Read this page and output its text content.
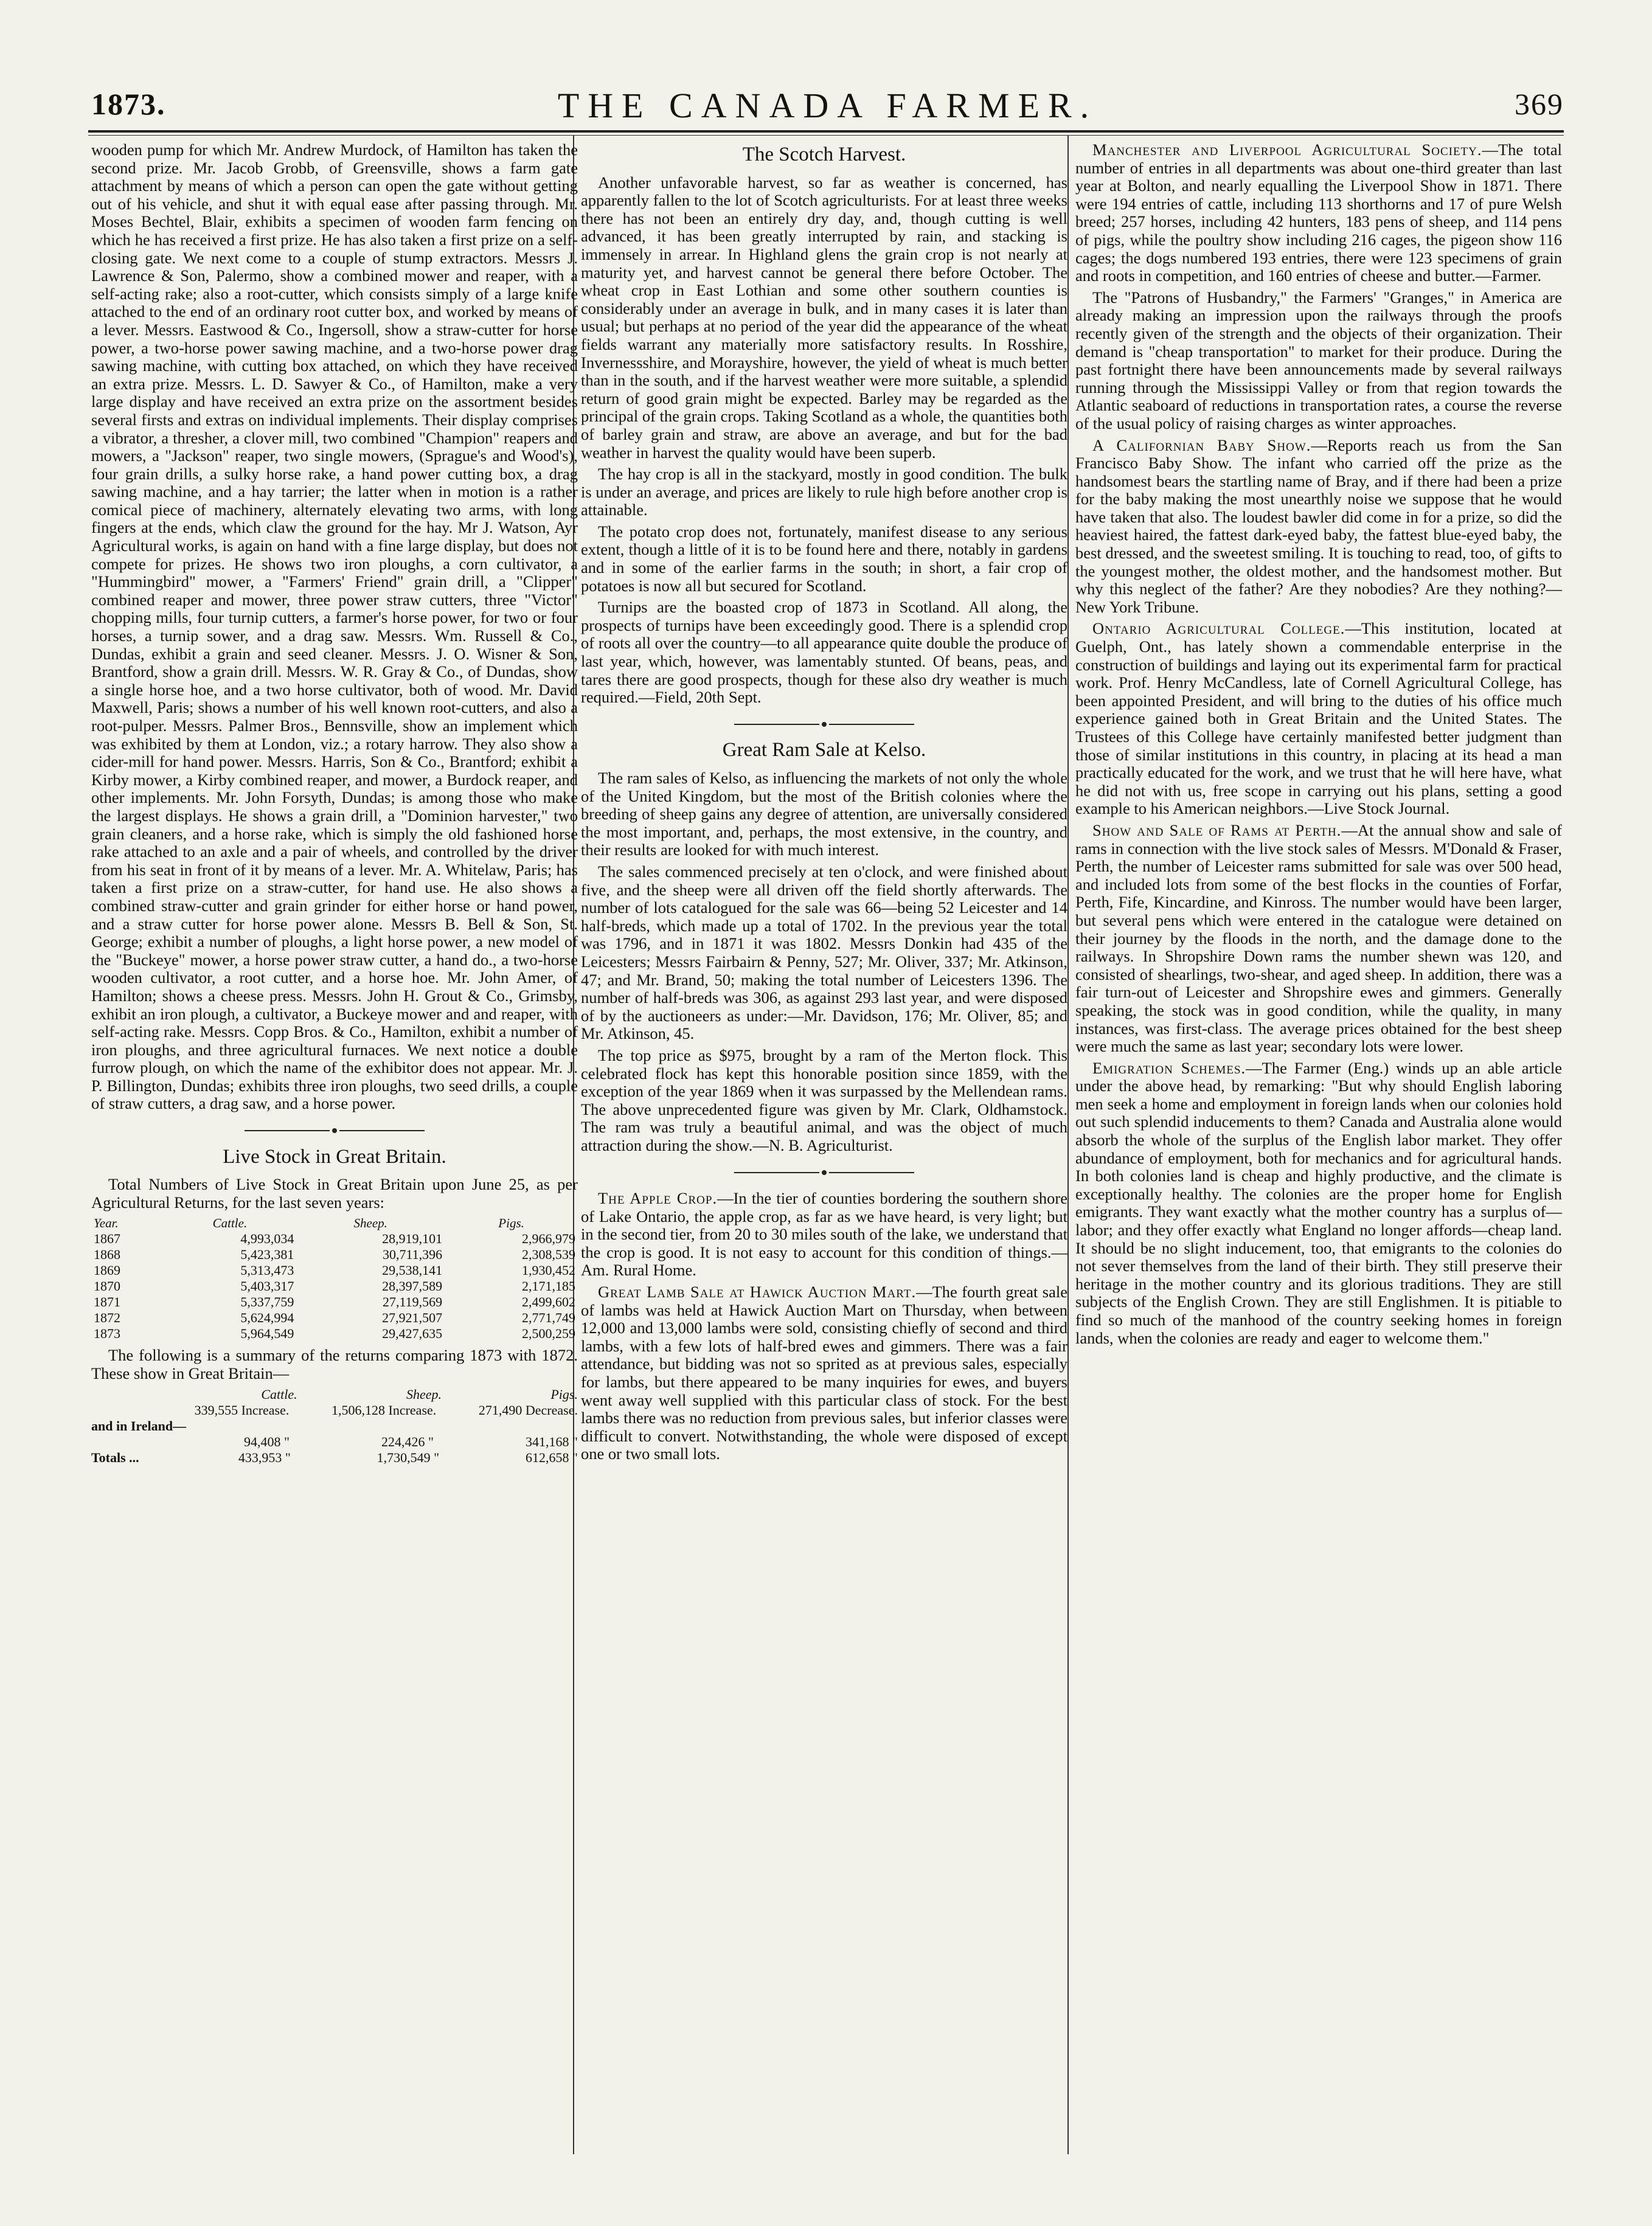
1873.	THE CANADA FARMER.	369

wooden pump for which Mr. Andrew Murdock, of Hamilton has taken the second prize. Mr. Jacob Grobb, of Greensville, shows a farm gate attachment by means of which a person can open the gate without getting out of his vehicle, and shut it with equal ease after passing through. Mr. Moses Bechtel, Blair, exhibits a specimen of wooden farm fencing on which he has received a first prize. He has also taken a first prize on a self-closing gate. We next come to a couple of stump extractors. Messrs J. Lawrence & Son, Palermo, show a combined mower and reaper, with a self-acting rake; also a root-cutter, which consists simply of a large knife attached to the end of an ordinary root cutter box, and worked by means of a lever. Messrs. Eastwood & Co., Ingersoll, show a straw-cutter for horse power, a two-horse power sawing machine, and a two-horse power drag sawing machine, with cutting box attached, on which they have received an extra prize. Messrs. L. D. Sawyer & Co., of Hamilton, make a very large display and have received an extra prize on the assortment besides several firsts and extras on individual implements. Their display comprises a vibrator, a thresher, a clover mill, two combined "Champion" reapers and mowers, a "Jackson" reaper, two single mowers, (Sprague's and Wood's), four grain drills, a sulky horse rake, a hand power cutting box, a drag sawing machine, and a hay tarrier; the latter when in motion is a rather comical piece of machinery, alternately elevating two arms, with long fingers at the ends, which claw the ground for the hay. Mr J. Watson, Ayr Agricultural works, is again on hand with a fine large display, but does not compete for prizes. He shows two iron ploughs, a corn cultivator, a "Hummingbird" mower, a "Farmers' Friend" grain drill, a "Clipper" combined reaper and mower, three power straw cutters, three "Victor" chopping mills, four turnip cutters, a farmer's horse power, for two or four horses, a turnip sower, and a drag saw. Messrs. Wm. Russell & Co., Dundas, exhibit a grain and seed cleaner. Messrs. J. O. Wisner & Son, Brantford, show a grain drill. Messrs. W. R. Gray & Co., of Dundas, show a single horse hoe, and a two horse cultivator, both of wood. Mr. David Maxwell, Paris; shows a number of his well known root-cutters, and also a root-pulper. Messrs. Palmer Bros., Bennsville, show an implement which was exhibited by them at London, viz.; a rotary harrow. They also show a cider-mill for hand power. Messrs. Harris, Son & Co., Brantford; exhibit a Kirby mower, a Kirby combined reaper, and mower, a Burdock reaper, and other implements. Mr. John Forsyth, Dundas; is among those who make the largest displays. He shows a grain drill, a "Dominion harvester," two grain cleaners, and a horse rake, which is simply the old fashioned horse rake attached to an axle and a pair of wheels, and controlled by the driver from his seat in front of it by means of a lever. Mr. A. Whitelaw, Paris; has taken a first prize on a straw-cutter, for hand use. He also shows a combined straw-cutter and grain grinder for either horse or hand power, and a straw cutter for horse power alone. Messrs B. Bell & Son, St. George; exhibit a number of ploughs, a light horse power, a new model of the "Buckeye" mower, a horse power straw cutter, a hand do., a two-horse wooden cultivator, a root cutter, and a horse hoe. Mr. John Amer, of Hamilton; shows a cheese press. Messrs. John H. Grout & Co., Grimsby, exhibit an iron plough, a cultivator, a Buckeye mower and and reaper, with self-acting rake. Messrs. Copp Bros. & Co., Hamilton, exhibit a number of iron ploughs, and three agricultural furnaces. We next notice a double furrow plough, on which the name of the exhibitor does not appear. Mr. J. P. Billington, Dundas; exhibits three iron ploughs, two seed drills, a couple of straw cutters, a drag saw, and a horse power.

Live Stock in Great Britain.

Total Numbers of Live Stock in Great Britain upon June 25, as per Agricultural Returns, for the last seven years:

Year.	Cattle.	Sheep.	Pigs.
1867	4,993,034	28,919,101	2,966,979
1868	5,423,381	30,711,396	2,308,539
1869	5,313,473	29,538,141	1,930,452
1870	5,403,317	28,397,589	2,171,185
1871	5,337,759	27,119,569	2,499,602
1872	5,624,994	27,921,507	2,771,749
1873	5,964,549	29,427,635	2,500,259

The following is a summary of the returns comparing 1873 with 1872. These show in Great Britain—

Cattle.	Sheep.	Pigs.
339,555 Increase.	1,506,128 Increase.	271,490 Decrease.
and in Ireland—
94,408 "	224,426 "	341,168 "
Totals ...	433,953 "	1,730,549 "	612,658 "
The Scotch Harvest.

Another unfavorable harvest, so far as weather is concerned, has apparently fallen to the lot of Scotch agriculturists. For at least three weeks there has not been an entirely dry day, and, though cutting is well advanced, it has been greatly interrupted by rain, and stacking is immensely in arrear. In Highland glens the grain crop is not nearly at maturity yet, and harvest cannot be general there before October. The wheat crop in East Lothian and some other southern counties is considerably under an average in bulk, and in many cases it is later than usual; but perhaps at no period of the year did the appearance of the wheat fields warrant any materially more satisfactory results. In Rosshire, Invernessshire, and Morayshire, however, the yield of wheat is much better than in the south, and if the harvest weather were more suitable, a splendid return of good grain might be expected. Barley may be regarded as the principal of the grain crops. Taking Scotland as a whole, the quantities both of barley grain and straw, are above an average, and but for the bad weather in harvest the quality would have been superb.

The hay crop is all in the stackyard, mostly in good condition. The bulk is under an average, and prices are likely to rule high before another crop is attainable.

The potato crop does not, fortunately, manifest disease to any serious extent, though a little of it is to be found here and there, notably in gardens and in some of the earlier farms in the south; in short, a fair crop of potatoes is now all but secured for Scotland.

Turnips are the boasted crop of 1873 in Scotland. All along, the prospects of turnips have been exceedingly good. There is a splendid crop of roots all over the country—to all appearance quite double the produce of last year, which, however, was lamentably stunted. Of beans, peas, and tares there are good prospects, though for these also dry weather is much required.—Field, 20th Sept.

Great Ram Sale at Kelso.

The ram sales of Kelso, as influencing the markets of not only the whole of the United Kingdom, but the most of the British colonies where the breeding of sheep gains any degree of attention, are universally considered the most important, and, perhaps, the most extensive, in the country, and their results are looked for with much interest.

The sales commenced precisely at ten o'clock, and were finished about five, and the sheep were all driven off the field shortly afterwards. The number of lots catalogued for the sale was 66—being 52 Leicester and 14 half-breds, which made up a total of 1702. In the previous year the total was 1796, and in 1871 it was 1802. Messrs Donkin had 435 of the Leicesters; Messrs Fairbairn & Penny, 527; Mr. Oliver, 337; Mr. Atkinson, 47; and Mr. Brand, 50; making the total number of Leicesters 1396. The number of half-breds was 306, as against 293 last year, and were disposed of by the auctioneers as under:—Mr. Davidson, 176; Mr. Oliver, 85; and Mr. Atkinson, 45.

The top price as $975, brought by a ram of the Merton flock. This celebrated flock has kept this honorable position since 1859, with the exception of the year 1869 when it was surpassed by the Mellendean rams. The above unprecedented figure was given by Mr. Clark, Oldhamstock. The ram was truly a beautiful animal, and was the object of much attraction during the show.—N. B. Agriculturist.

The Apple Crop.—In the tier of counties bordering the southern shore of Lake Ontario, the apple crop, as far as we have heard, is very light; but in the second tier, from 20 to 30 miles south of the lake, we understand that the crop is good. It is not easy to account for this condition of things.—Am. Rural Home.

Great Lamb Sale at Hawick Auction Mart.—The fourth great sale of lambs was held at Hawick Auction Mart on Thursday, when between 12,000 and 13,000 lambs were sold, consisting chiefly of second and third lambs, with a few lots of half-bred ewes and gimmers. There was a fair attendance, but bidding was not so sprited as at previous sales, especially for lambs, but there appeared to be many inquiries for ewes, and buyers went away well supplied with this particular class of stock. For the best lambs there was no reduction from previous sales, but inferior classes were difficult to convert. Notwithstanding, the whole were disposed of except one or two small lots.

Manchester and Liverpool Agricultural Society.—The total number of entries in all departments was about one-third greater than last year at Bolton, and nearly equalling the Liverpool Show in 1871. There were 194 entries of cattle, including 113 shorthorns and 17 of pure Welsh breed; 257 horses, including 42 hunters, 183 pens of sheep, and 114 pens of pigs, while the poultry show including 216 cages, the pigeon show 116 cages; the dogs numbered 193 entries, there were 123 specimens of grain and roots in competition, and 160 entries of cheese and butter.—Farmer.

The "Patrons of Husbandry," the Farmers' "Granges," in America are already making an impression upon the railways through the proofs recently given of the strength and the objects of their organization. Their demand is "cheap transportation" to market for their produce. During the past fortnight there have been announcements made by several railways running through the Mississippi Valley or from that region towards the Atlantic seaboard of reductions in transportation rates, a course the reverse of the usual policy of raising charges as winter approaches.

A Californian Baby Show.—Reports reach us from the San Francisco Baby Show. The infant who carried off the prize as the handsomest bears the startling name of Bray, and if there had been a prize for the baby making the most unearthly noise we suppose that he would have taken that also. The loudest bawler did come in for a prize, so did the heaviest haired, the fattest dark-eyed baby, the fattest blue-eyed baby, the best dressed, and the sweetest smiling. It is touching to read, too, of gifts to the youngest mother, the oldest mother, and the handsomest mother. But why this neglect of the father? Are they nobodies? Are they nothing?—New York Tribune.

Ontario Agricultural College.—This institution, located at Guelph, Ont., has lately shown a commendable enterprise in the construction of buildings and laying out its experimental farm for practical work. Prof. Henry McCandless, late of Cornell Agricultural College, has been appointed President, and will bring to the duties of his office much experience gained both in Great Britain and the United States. The Trustees of this College have certainly manifested better judgment than those of similar institutions in this country, in placing at its head a man practically educated for the work, and we trust that he will here have, what he did not with us, free scope in carrying out his plans, setting a good example to his American neighbors.—Live Stock Journal.

Show and Sale of Rams at Perth.—At the annual show and sale of rams in connection with the live stock sales of Messrs. M'Donald & Fraser, Perth, the number of Leicester rams submitted for sale was over 500 head, and included lots from some of the best flocks in the counties of Forfar, Perth, Fife, Kincardine, and Kinross. The number would have been larger, but several pens which were entered in the catalogue were detained on their journey by the floods in the north, and the damage done to the railways. In Shropshire Down rams the number shewn was 120, and consisted of shearlings, two-shear, and aged sheep. In addition, there was a fair turn-out of Leicester and Shropshire ewes and gimmers. Generally speaking, the stock was in good condition, while the quality, in many instances, was first-class. The average prices obtained for the best sheep were much the same as last year; secondary lots were lower.

Emigration Schemes.—The Farmer (Eng.) winds up an able article under the above head, by remarking: "But why should English laboring men seek a home and employment in foreign lands when our colonies hold out such splendid inducements to them? Canada and Australia alone would absorb the whole of the surplus of the English labor market. They offer abundance of employment, both for mechanics and for agricultural hands. In both colonies land is cheap and highly productive, and the climate is exceptionally healthy. The colonies are the proper home for English emigrants. They want exactly what the mother country has a surplus of—labor; and they offer exactly what England no longer affords—cheap land. It should be no slight inducement, too, that emigrants to the colonies do not sever themselves from the land of their birth. They still preserve their heritage in the mother country and its glorious traditions. They are still subjects of the English Crown. They are still Englishmen. It is pitiable to find so much of the manhood of the country seeking homes in foreign lands, when the colonies are ready and eager to welcome them."
